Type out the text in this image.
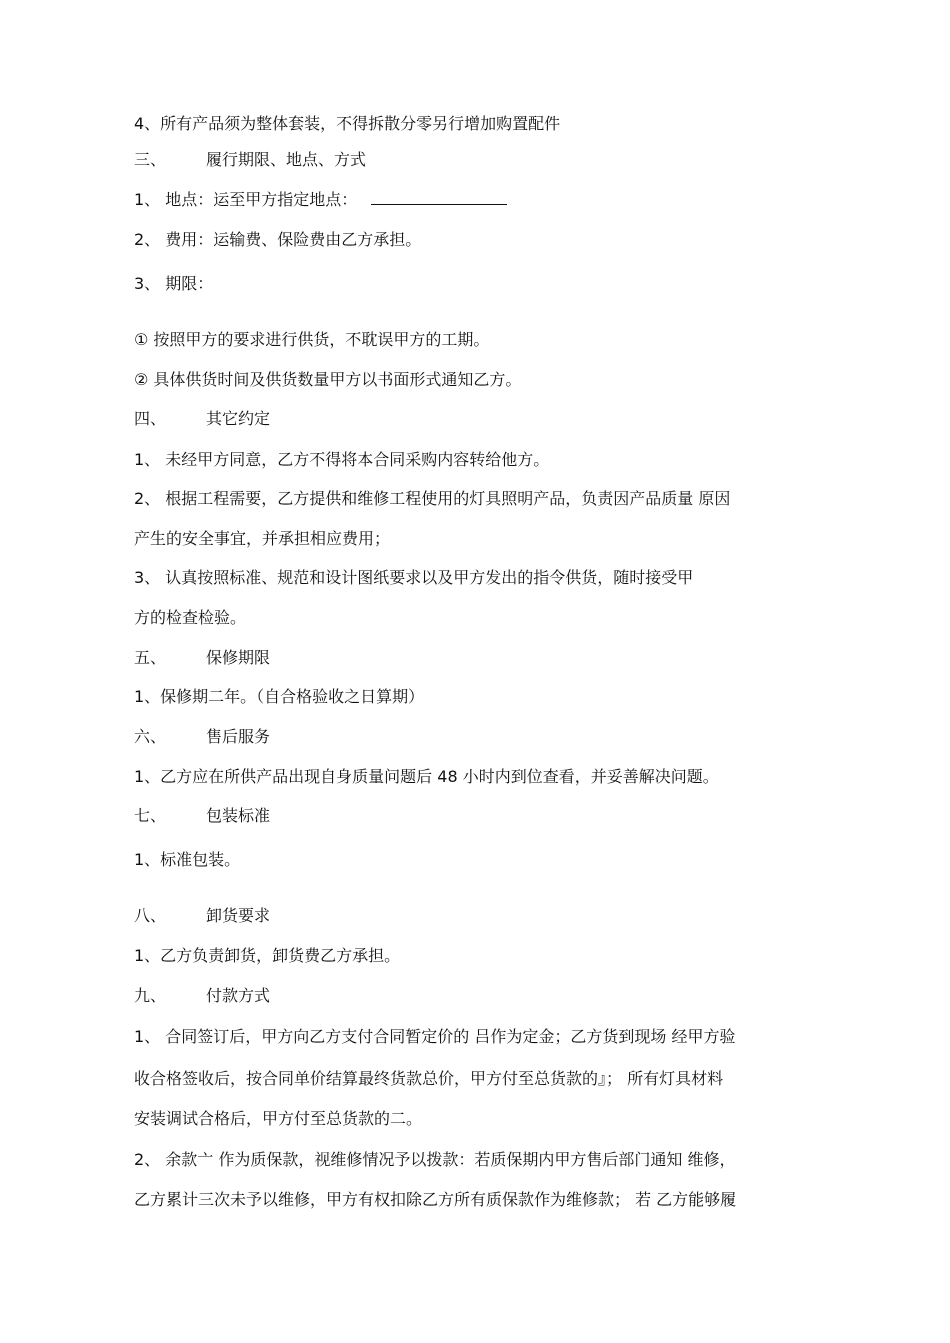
4、所有产品须为整体套装，不得拆散分零另行增加购置配件
三、	履行期限、地点、方式
1、 地点：运至甲方指定地点：
2、 费用：运输费、保险费由乙方承担。
3、 期限：
① 按照甲方的要求进行供货，不耽误甲方的工期。
② 具体供货时间及供货数量甲方以书面形式通知乙方。
四、	其它约定
1、 未经甲方同意，乙方不得将本合同采购内容转给他方。
2、 根据工程需要，乙方提供和维修工程使用的灯具照明产品，负责因产品质量 原因
产生的安全事宜，并承担相应费用；
3、 认真按照标准、规范和设计图纸要求以及甲方发出的指令供货，随时接受甲
方的检查检验。
五、	保修期限
1、保修期二年。（自合格验收之日算期）
六、	售后服务
1、乙方应在所供产品出现自身质量问题后 48 小时内到位查看，并妥善解决问题。
七、	包装标准
1、标准包装。
八、	卸货要求
1、乙方负责卸货，卸货费乙方承担。
九、	付款方式
1、 合同签订后，甲方向乙方支付合同暂定价的 吕作为定金；乙方货到现场 经甲方验
收合格签收后，按合同单价结算最终货款总价，甲方付至总货款的』； 所有灯具材料
安装调试合格后，甲方付至总货款的二。
2、 余款亠 作为质保款，视维修情况予以拨款：若质保期内甲方售后部门通知 维修，
乙方累计三次未予以维修，甲方有权扣除乙方所有质保款作为维修款； 若 乙方能够履
